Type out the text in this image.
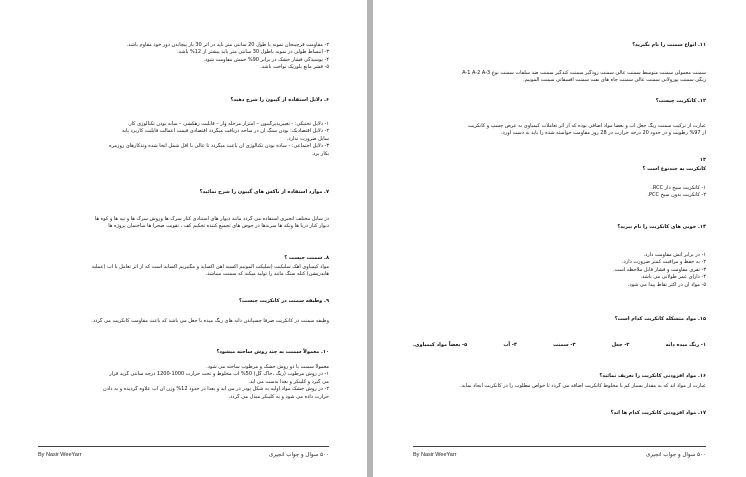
۲- مقاومت فرچینجان نمونه با طول 20 سانتی متر باید در اثر 30 بار پیچاندن دور خود مقاوم باشد.
۳- انبساط طولی در نمونه باطول 30 سانتی متر باید بیشتر از 12% باشد.
۴- پوسیدگی فشار خشک در برابر 90% خمش مقاومت شود.
۵- قشر مانع بلوریک نواخت باشد.
۶. دلایل استفاده از گیبون را شرح دهید؟
۱- دلایل تخنیکی: - تغییرپذیرگیبون – امتزار مرحله وار – قابلیت زهکشی – سابه بودن تکنالوژی کار.
۲- دلایل اقتصادیک: بودن سنگ ان در ساحه دریافت میگردد اقتصادی قیمت اعمالت قابلیت کاربرد پایه
سایل ضرورت ندارد.
۳- دلایل اجتماعی: - ساده بودن تکنالوژی آن باعث میگردد تا عالی با اقل شمل اتخا شده وتدکارهای روزمره
بکار برد.
۷. موارد استفاده از باکس های گیبون را شرح نمائید؟
در سایل مختلف انجیری استفاده می گردد مانند دیوار های استنادی کنار سرک ها وروش سرک ها و تپه ها و کوه ها
دیوار کنار دریا ها ونکه ها سرندها در حوض های تجمیع کننده تحکیم کف ، تقویت صحرا ها ساختمان پروژه ها
۸. سمنت چیست ؟
مواد کیمیاوی آهک سلیکیت (سلیکت المونیم اکسید آهن اکساید و مگنیزیم اکساید است که از اثر تعامل با آب (عملیه
هایدریشن) کتله سنگ مانند را تولید میکند که سمنت میباشد.
۹. وظیفه سمنت در کانکریت چیست؟
وظیفه سمنت در کانکریت صرفاً چسپاندن دانه های ریگ میده با جغل می باشد که باعث مقاومت کانکریت می گردد.
۱۰. معمولاً سمنت به چند روش ساخته میشود؟
معمولاً سمنت با دو روش خشک و مرطوب ساخته می شود.
۱- در روش مرطوب (ریگ ،خاک گل) 50% آب مخلوط و تحت حرارت 1000-1200 درجه سانتی گرید قرار
می گیرد و کلینکر و بعداً بدست می آید.
۲- در روش خشک مواد اولیه به شکل پودر در می آید و بعداً در حدود 12% وزن آن آب علاوه گردیده و به دادن
حرارت داده می شود و به کلینکر مبدل می گردد.
By Nasir WeeYarr	۵۰۰ سوال و جواب انجیری
۱۱. انواع سمنت را نام بگیرید؟
سمنت معمولی سمنت متوسط سمنت عالی سمنت زودگیر سمنت کندگیر سمنت ضد سلفات سمنت نوع A-1 A-2 A-3
رنگی سمنت پورولانی سمنت عالی سمنت چاه های نفت سمنت افسفاتی سمنت المونیم.
۱۲. کانکریت چیست؟
عبارت از ترکیب سمنت ریگ جغل آب و بعضاً مواد اضافی بوده که از اثر تعاملات کیمیاوی به عرض چسپ و کانکریت
از 97% رطوبت و در حدود 20 درجه حرارت در 28 روز مقاومت خواسته شده را باید به دست آورد.
۱۳
کانکریت به چندنوع است ؟
۱- کانکریت سیح دار RCC.
۲- کانکریت بدون سیخ PCC.
۱۴. خوبی های کانکریت را نام ببرید؟
۱- در برابر آتش مقاومت دارد.
۲- به حفظ و مراقبت کمتر ضرورت دارد.
۳- نقری مقاومت و فشار قابل ملاحظه است.
۴- دارای عمر طولانی می باشد.
۵- مواد آن در اکثر نقاط پیدا می شود.
۱۵. مواد متشکله کانکریت کدام است؟
۱- ریگ میده دانه
۲- جغل
۳- سمنت
۴- آب
۵- بعضاً مواد کیمیاوی.
۱۶. مواد افزودنی کانکریت را تعریف نمائید؟
عبارت از مواد اند که به مقدار بسیار کم با مخلوط کانکریت اضافه می گردد تا خواص مطلوب را در کانکریت ایجاد نماید.
۱۷. مواد افزودنی کانکریت کدام ها اند؟
By Nasir WeeYarr	۵۰۰ سوال و جواب انجیری
